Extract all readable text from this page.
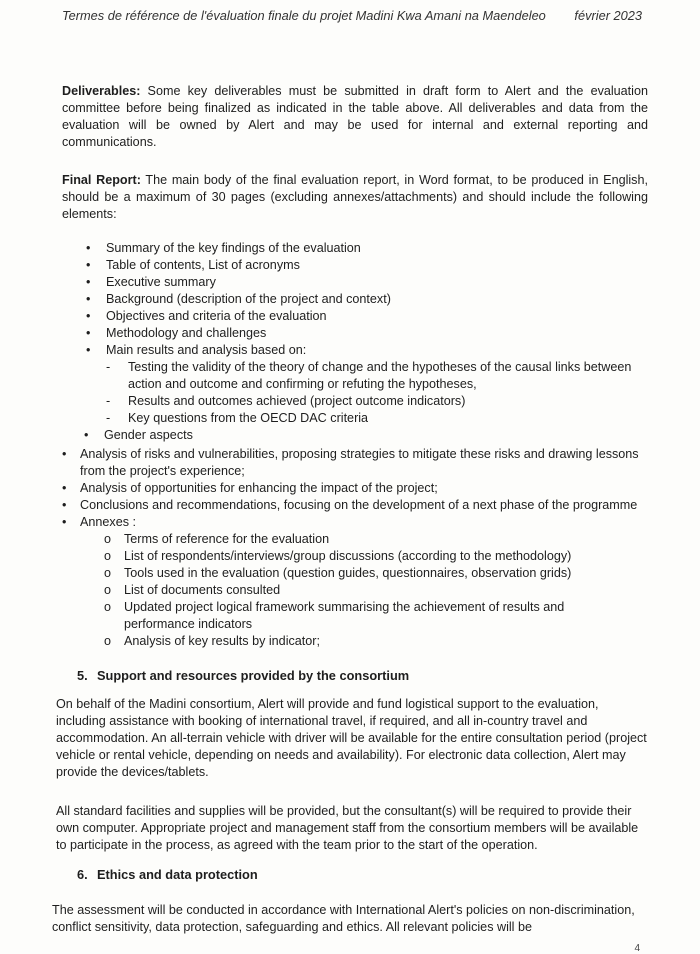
Termes de référence de l'évaluation finale du projet Madini Kwa Amani na Maendeleo février 2023
Deliverables: Some key deliverables must be submitted in draft form to Alert and the evaluation committee before being finalized as indicated in the table above. All deliverables and data from the evaluation will be owned by Alert and may be used for internal and external reporting and communications.
Final Report: The main body of the final evaluation report, in Word format, to be produced in English, should be a maximum of 30 pages (excluding annexes/attachments) and should include the following elements:
• Summary of the key findings of the evaluation
• Table of contents, List of acronyms
• Executive summary
• Background (description of the project and context)
• Objectives and criteria of the evaluation
• Methodology and challenges
• Main results and analysis based on:
- Testing the validity of the theory of change and the hypotheses of the causal links between action and outcome and confirming or refuting the hypotheses,
- Results and outcomes achieved (project outcome indicators)
- Key questions from the OECD DAC criteria
• Gender aspects
• Analysis of risks and vulnerabilities, proposing strategies to mitigate these risks and drawing lessons from the project's experience;
• Analysis of opportunities for enhancing the impact of the project;
• Conclusions and recommendations, focusing on the development of a next phase of the programme
• Annexes :
o Terms of reference for the evaluation
o List of respondents/interviews/group discussions (according to the methodology)
o Tools used in the evaluation (question guides, questionnaires, observation grids)
o List of documents consulted
o Updated project logical framework summarising the achievement of results and performance indicators
o Analysis of key results by indicator;
5. Support and resources provided by the consortium
On behalf of the Madini consortium, Alert will provide and fund logistical support to the evaluation, including assistance with booking of international travel, if required, and all in-country travel and accommodation. An all-terrain vehicle with driver will be available for the entire consultation period (project vehicle or rental vehicle, depending on needs and availability). For electronic data collection, Alert may provide the devices/tablets.
All standard facilities and supplies will be provided, but the consultant(s) will be required to provide their own computer. Appropriate project and management staff from the consortium members will be available to participate in the process, as agreed with the team prior to the start of the operation.
6. Ethics and data protection
The assessment will be conducted in accordance with International Alert's policies on non-discrimination, conflict sensitivity, data protection, safeguarding and ethics. All relevant policies will be
4
